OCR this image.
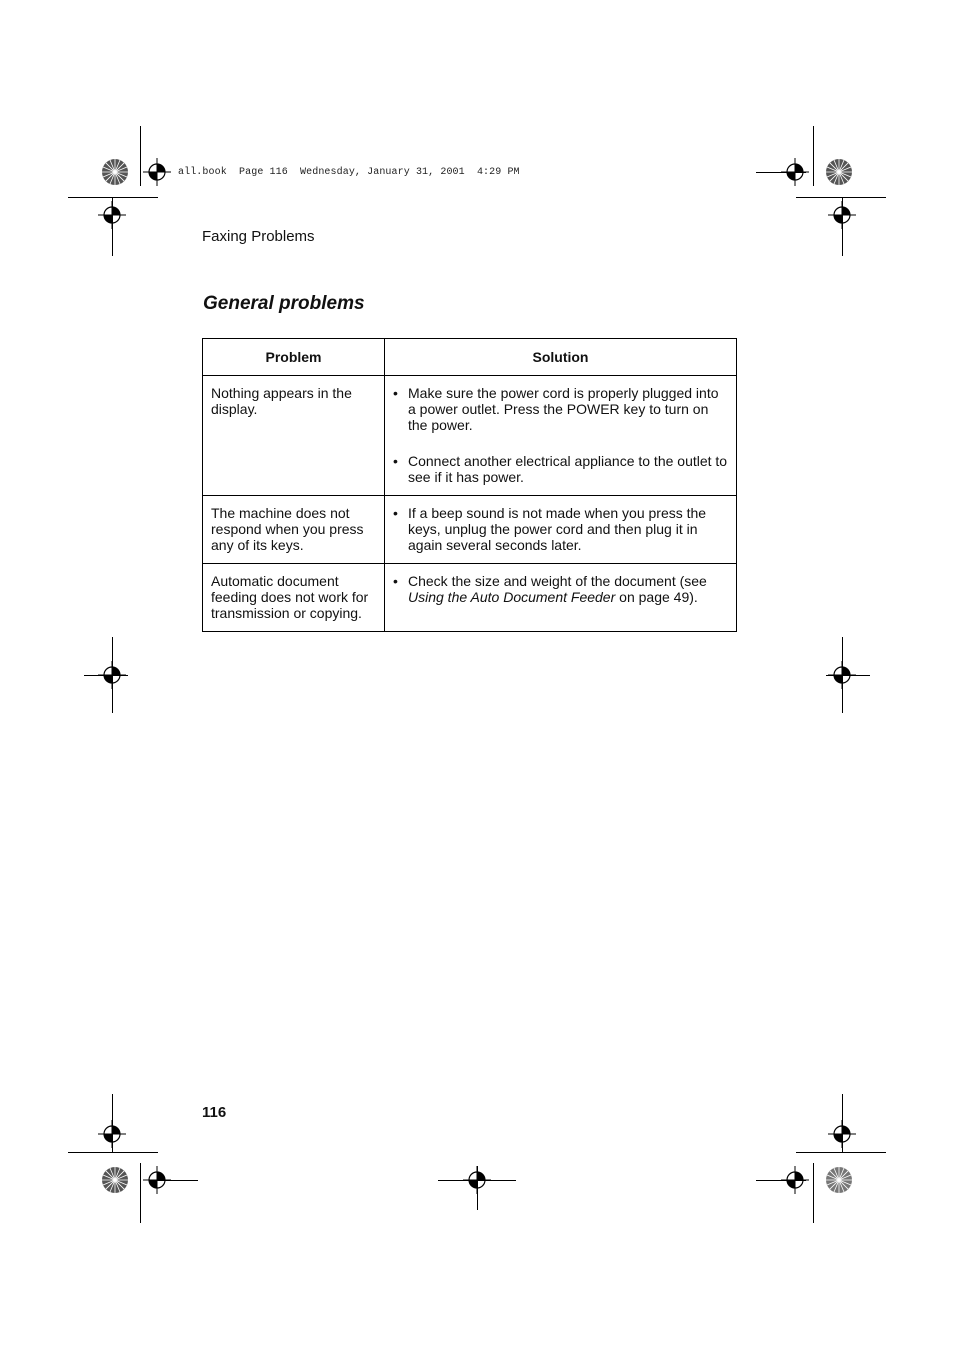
all.book  Page 116  Wednesday, January 31, 2001  4:29 PM
Faxing Problems
General problems
Problem	Solution
Nothing appears in the display.	• Make sure the power cord is properly plugged into a power outlet. Press the POWER key to turn on the power.
• Connect another electrical appliance to the outlet to see if it has power.

The machine does not respond when you press any of its keys.	• If a beep sound is not made when you press the keys, unplug the power cord and then plug it in again several seconds later.

Automatic document feeding does not work for transmission or copying.	• Check the size and weight of the document (see Using the Auto Document Feeder on page 49).
116
